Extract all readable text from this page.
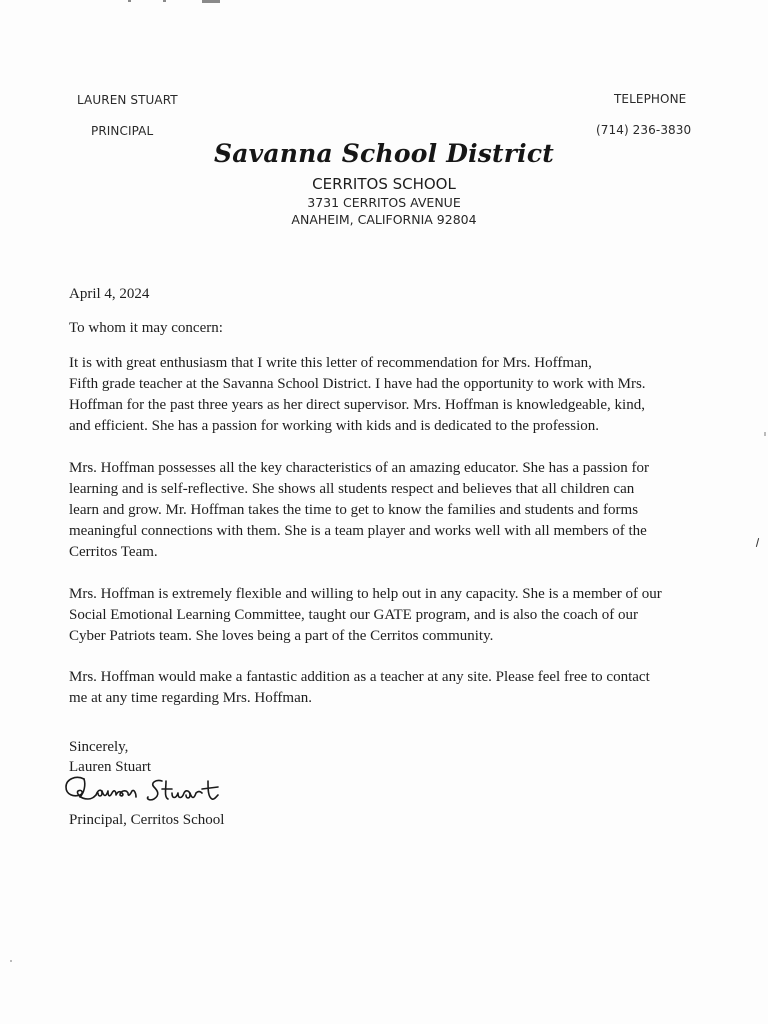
LAUREN STUART
PRINCIPAL
TELEPHONE
(714) 236-3830
Savanna School District
CERRITOS SCHOOL
3731 CERRITOS AVENUE
ANAHEIM, CALIFORNIA 92804
April 4, 2024
To whom it may concern:
It is with great enthusiasm that I write this letter of recommendation for Mrs. Hoffman,
Fifth grade teacher at the Savanna School District. I have had the opportunity to work with Mrs.
Hoffman for the past three years as her direct supervisor. Mrs. Hoffman is knowledgeable, kind,
and efficient. She has a passion for working with kids and is dedicated to the profession.
Mrs. Hoffman possesses all the key characteristics of an amazing educator. She has a passion for
learning and is self-reflective. She shows all students respect and believes that all children can
learn and grow. Mr. Hoffman takes the time to get to know the families and students and forms
meaningful connections with them. She is a team player and works well with all members of the
Cerritos Team.
Mrs. Hoffman is extremely flexible and willing to help out in any capacity. She is a member of our
Social Emotional Learning Committee, taught our GATE program, and is also the coach of our
Cyber Patriots team. She loves being a part of the Cerritos community.
Mrs. Hoffman would make a fantastic addition as a teacher at any site. Please feel free to contact
me at any time regarding Mrs. Hoffman.
Sincerely,
Lauren Stuart
Principal, Cerritos School
